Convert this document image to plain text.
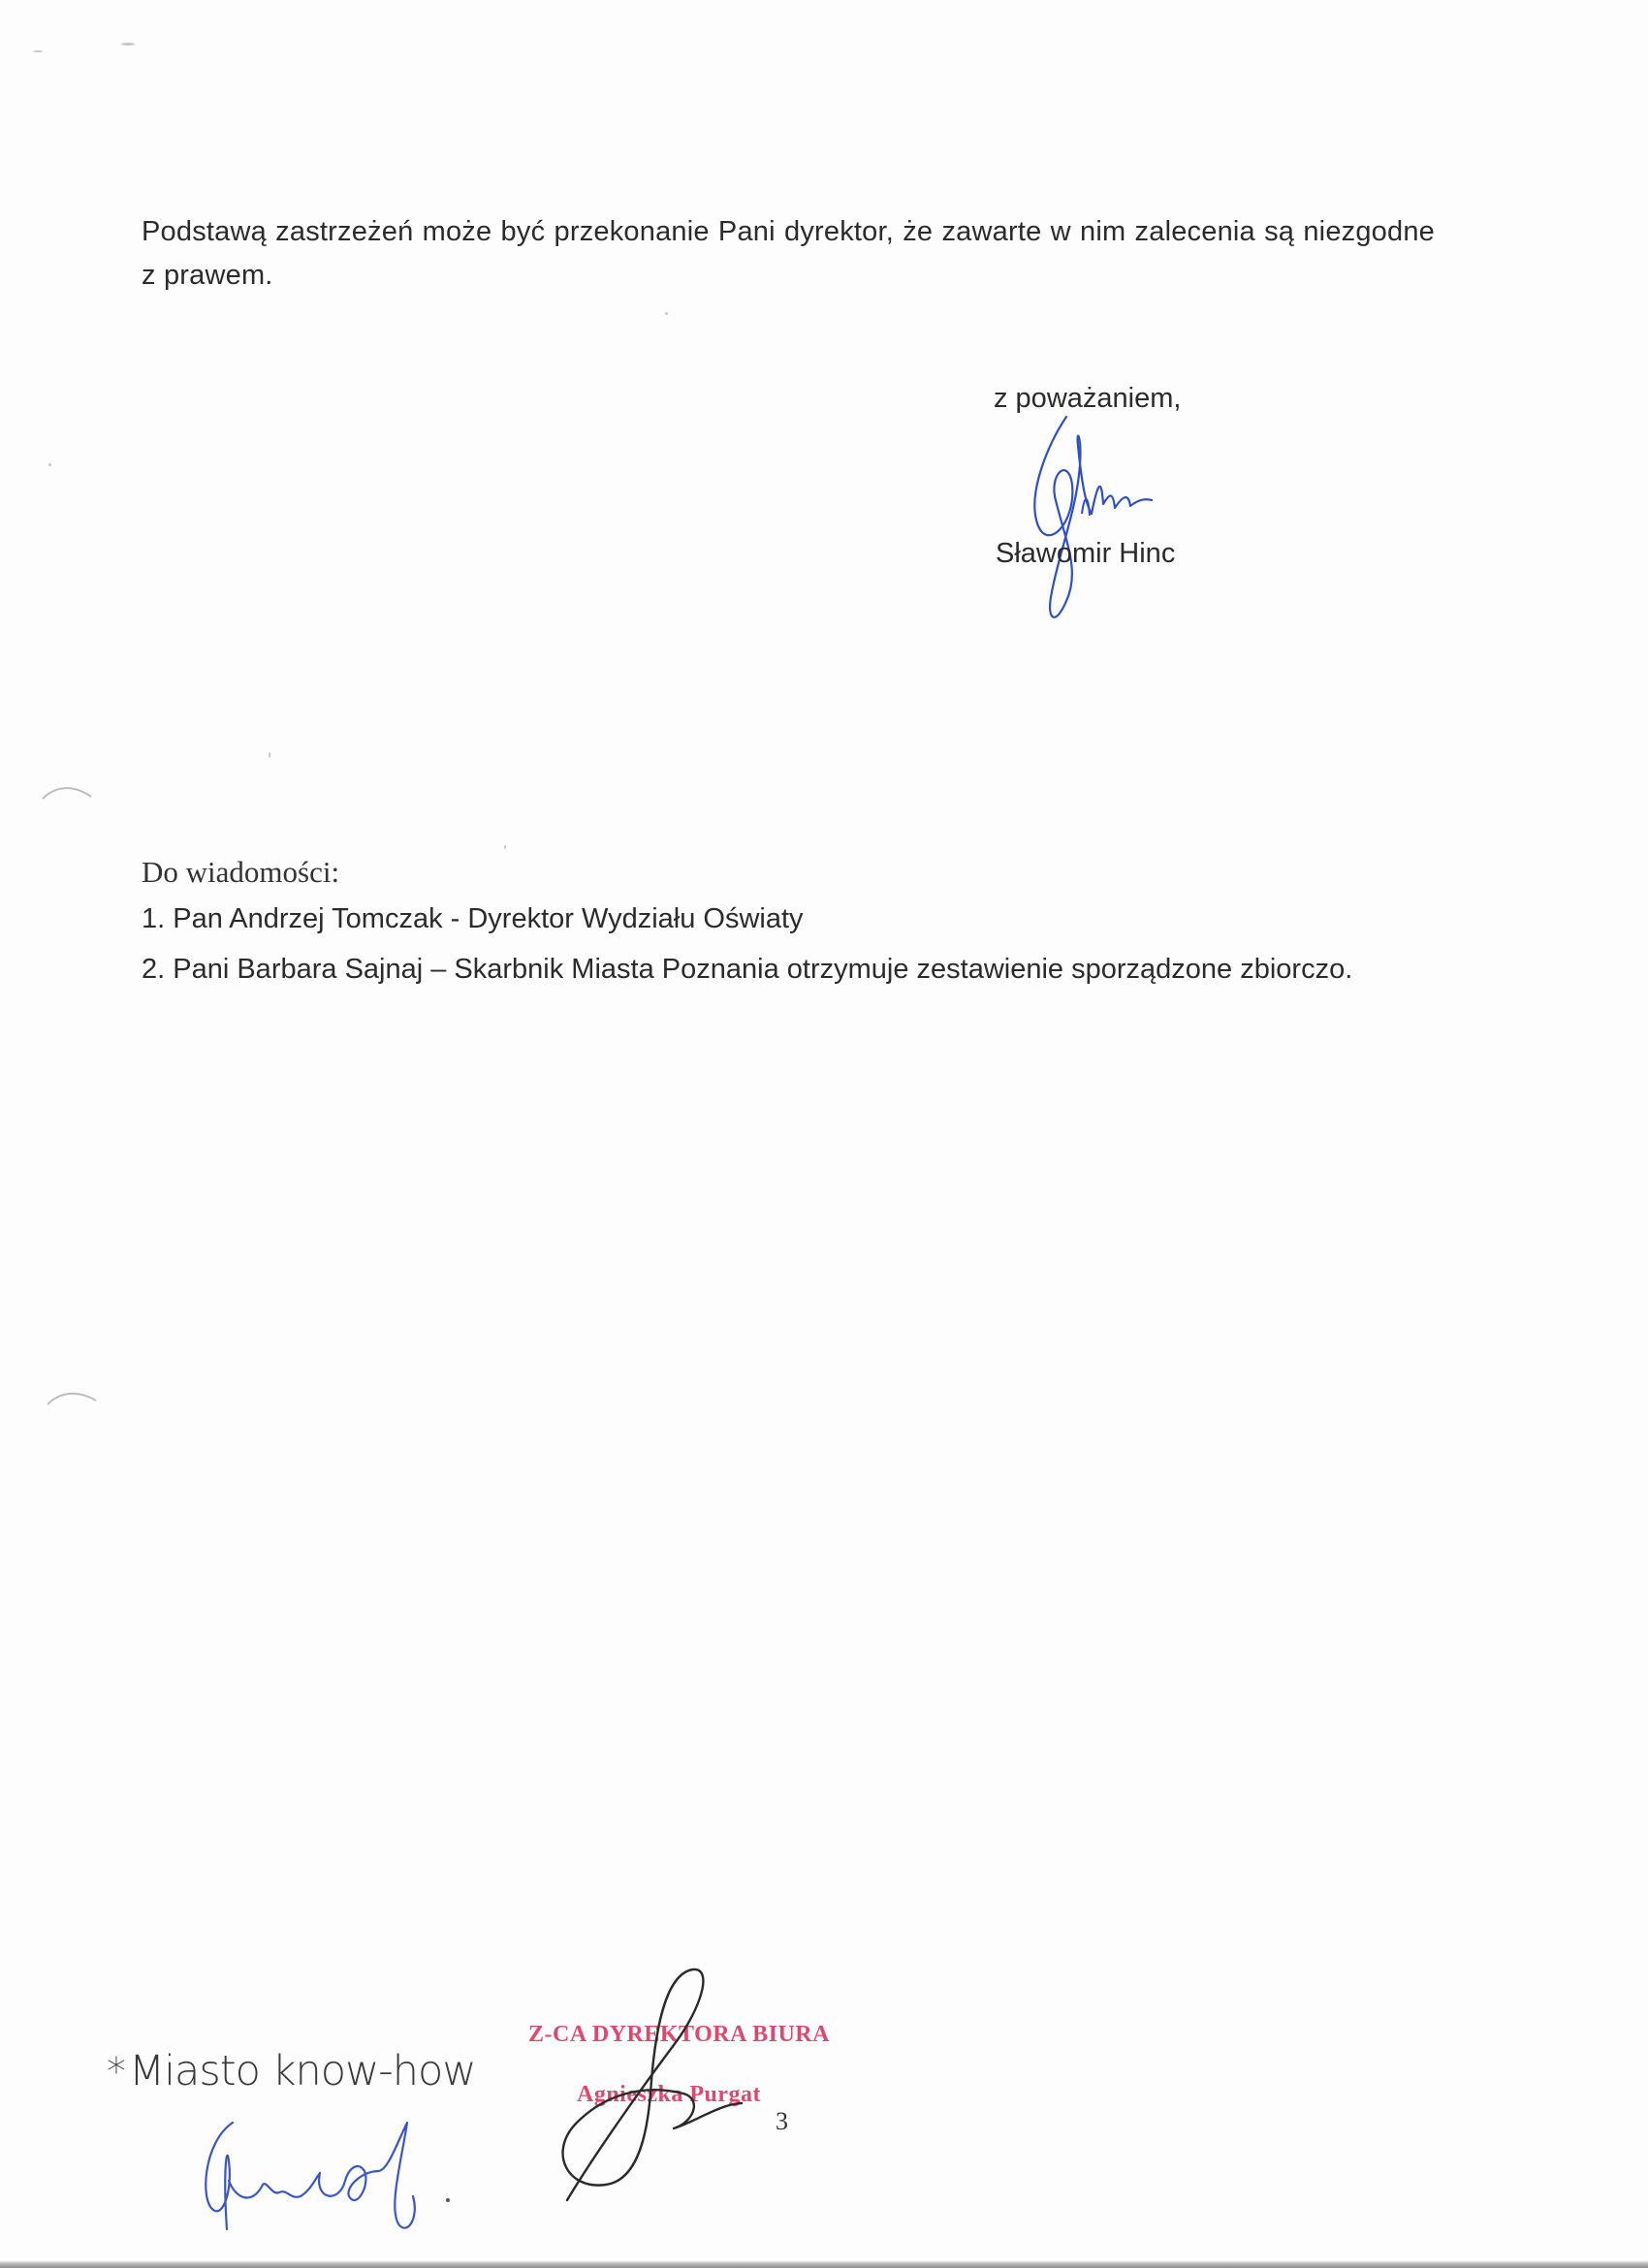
Podstawą zastrzeżeń może być przekonanie Pani dyrektor, że zawarte w nim zalecenia są niezgodne z prawem.

z poważaniem,
Sławomir Hinc
Do wiadomości:
1. Pan Andrzej Tomczak - Dyrektor Wydziału Oświaty
2. Pani Barbara Sajnaj – Skarbnik Miasta Poznania otrzymuje zestawienie sporządzone zbiorczo.
*Miasto know-how
Z-CA DYREKTORA BIURA
Agnieszka Purgat
3
